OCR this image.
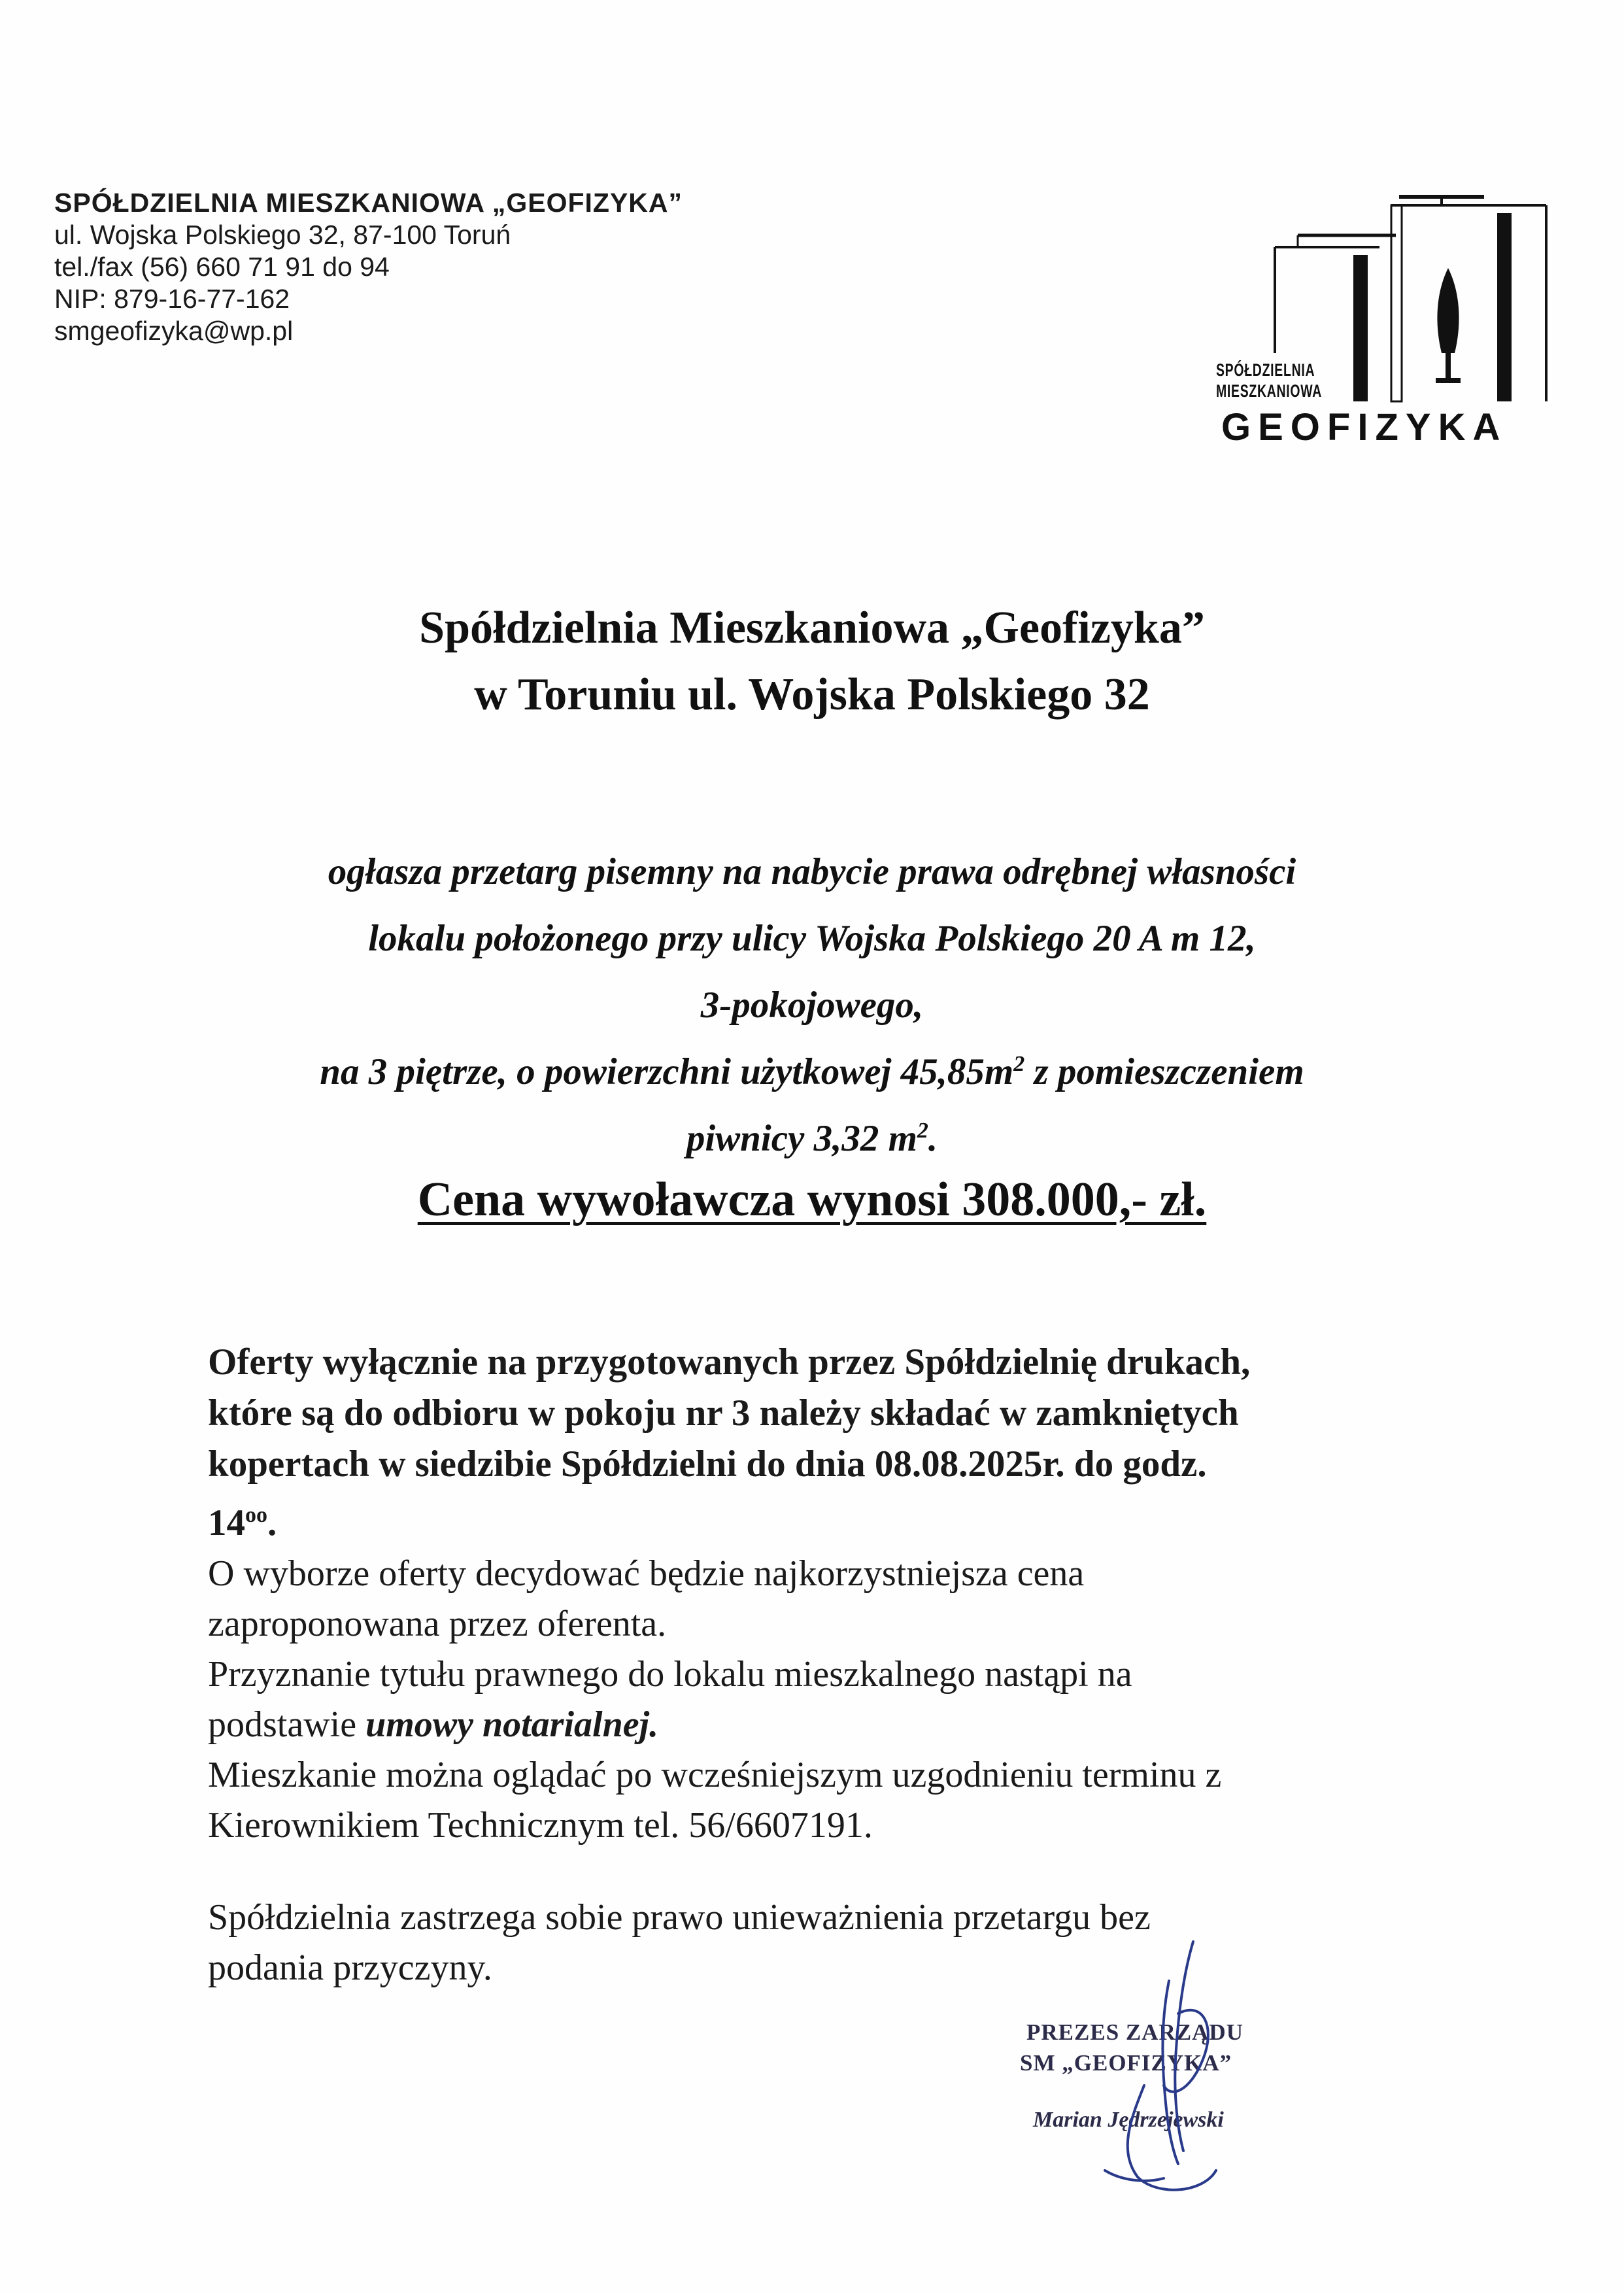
SPÓŁDZIELNIA MIESZKANIOWA „GEOFIZYKA”
ul. Wojska Polskiego 32, 87-100 Toruń
tel./fax (56) 660 71 91 do 94
NIP: 879-16-77-162
smgeofizyka@wp.pl
SPÓŁDZIELNIA
MIESZKANIOWA
GEOFIZYKA
Spółdzielnia Mieszkaniowa „Geofizyka”
w Toruniu ul. Wojska Polskiego 32
ogłasza przetarg pisemny na nabycie prawa odrębnej własności
lokalu położonego przy ulicy Wojska Polskiego 20 A m 12,
3-pokojowego,
na 3 piętrze, o powierzchni użytkowej $45,85m^2$ z pomieszczeniem
piwnicy 3,32 $m^2$.
Cena wywoławcza wynosi 308.000,- zł.

Oferty wyłącznie na przygotowanych przez Spółdzielnię drukach,

które są do odbioru w pokoju nr 3 należy składać w zamkniętych

kopertach w siedzibie Spółdzielni do dnia 08.08.2025r. do godz.

$14^{oo}$.

O wyborze oferty decydować będzie najkorzystniejsza cena

zaproponowana przez oferenta.

Przyznanie tytułu prawnego do lokalu mieszkalnego nastąpi na

podstawie umowy notarialnej.

Mieszkanie można oglądać po wcześniejszym uzgodnieniu terminu z

Kierownikiem Technicznym tel. 56/6607191.

Spółdzielnia zastrzega sobie prawo unieważnienia przetargu bez
podania przyczyny.
PREZES ZARZĄDU
SM „GEOFIZYKA”
Marian Jędrzejewski
